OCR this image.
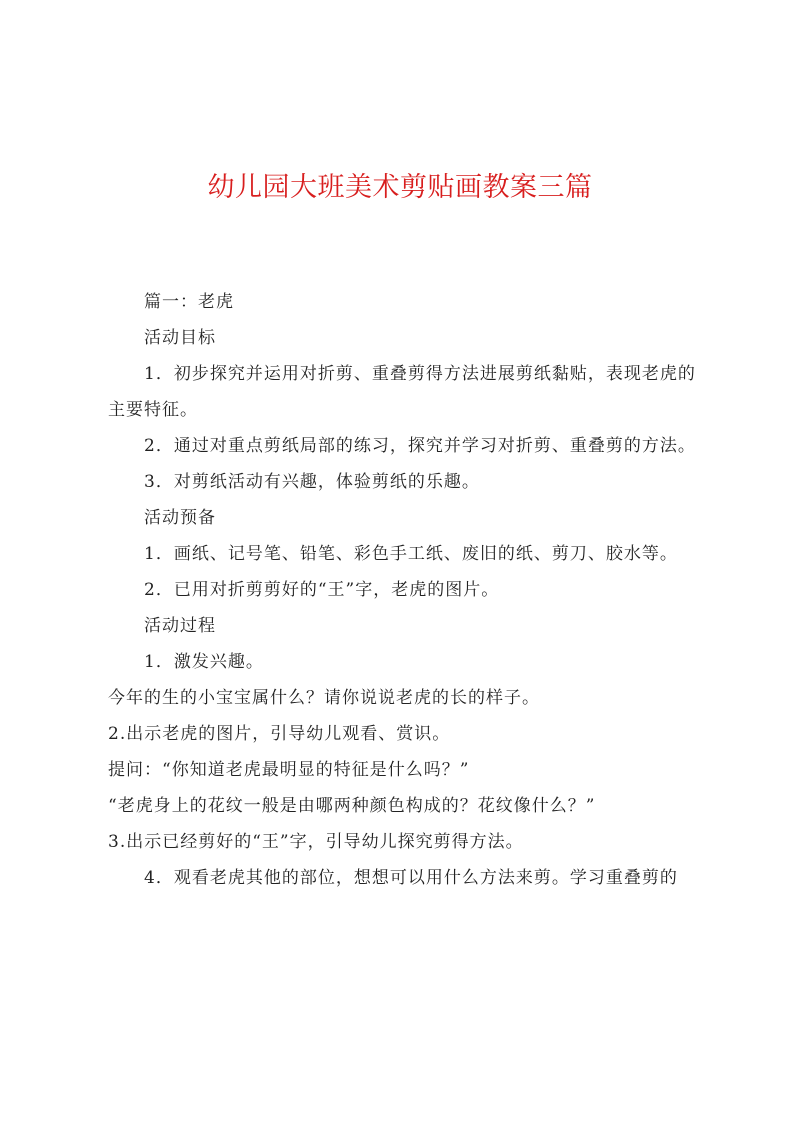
幼儿园大班美术剪贴画教案三篇

篇一：老虎

活动目标

1．初步探究并运用对折剪、重叠剪得方法进展剪纸黏贴，表现老虎的主要特征。

2．通过对重点剪纸局部的练习，探究并学习对折剪、重叠剪的方法。

3．对剪纸活动有兴趣，体验剪纸的乐趣。

活动预备

1．画纸、记号笔、铅笔、彩色手工纸、废旧的纸、剪刀、胶水等。

2．已用对折剪剪好的“王”字，老虎的图片。

活动过程

1．激发兴趣。

今年的生的小宝宝属什么？请你说说老虎的长的样子。

2.出示老虎的图片，引导幼儿观看、赏识。

提问：“你知道老虎最明显的特征是什么吗？”

“老虎身上的花纹一般是由哪两种颜色构成的？花纹像什么？”

3.出示已经剪好的“王”字，引导幼儿探究剪得方法。

4．观看老虎其他的部位，想想可以用什么方法来剪。学习重叠剪的
